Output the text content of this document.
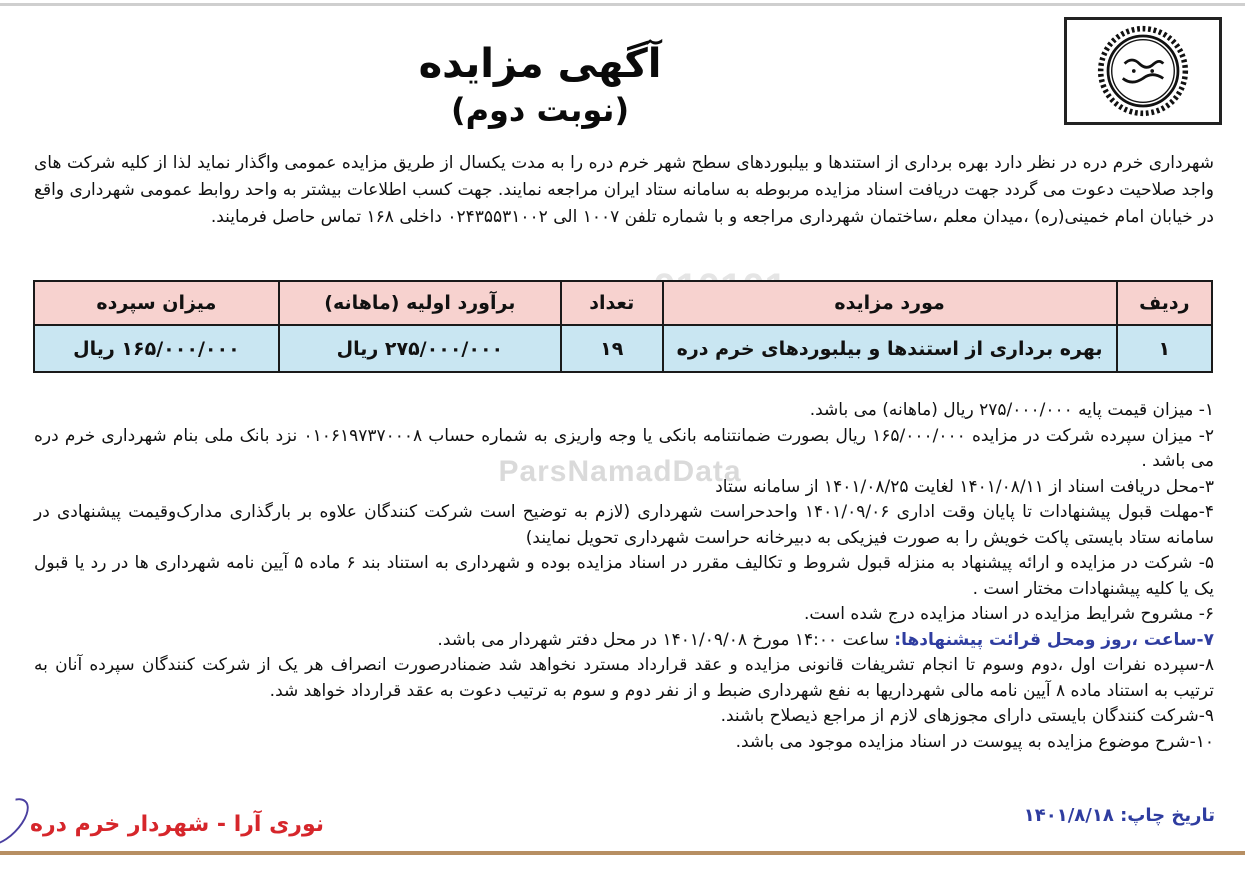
ParsNamadData
آگهی مزایده
(نوبت دوم)
شهرداری خرم دره در نظر دارد بهره برداری از استندها و بیلبوردهای سطح شهر خرم دره را به مدت یکسال از طریق مزایده عمومی واگذار نماید لذا از کلیه شرکت های واجد صلاحیت دعوت می گردد جهت دریافت اسناد مزایده مربوطه به سامانه ستاد ایران مراجعه نمایند. جهت کسب اطلاعات بیشتر به واحد روابط عمومی شهرداری واقع در خیابان امام خمینی(ره) ،میدان معلم ،ساختمان شهرداری مراجعه و با شماره تلفن ۱۰۰۷ الی ۰۲۴۳۵۵۳۱۰۰۲ داخلی ۱۶۸ تماس حاصل فرمایند.
ردیف	مورد مزایده	تعداد	برآورد اولیه (ماهانه)	میزان سپرده
۱	بهره برداری از استندها و بیلبوردهای خرم دره	۱۹	۲۷۵/۰۰۰/۰۰۰ ریال	۱۶۵/۰۰۰/۰۰۰ ریال

۱- میزان قیمت پایه ۲۷۵/۰۰۰/۰۰۰ ریال (ماهانه) می باشد.

۲- میزان سپرده شرکت در مزایده ۱۶۵/۰۰۰/۰۰۰ ریال بصورت ضمانتنامه بانکی یا وجه واریزی به شماره حساب ۰۱۰۶۱۹۷۳۷۰۰۰۸ نزد بانک ملی بنام شهرداری خرم دره می باشد .

۳-محل دریافت اسناد از ۱۴۰۱/۰۸/۱۱ لغایت ۱۴۰۱/۰۸/۲۵ از سامانه ستاد

۴-مهلت قبول پیشنهادات تا پایان وقت اداری ۱۴۰۱/۰۹/۰۶ واحدحراست شهرداری (لازم به توضیح است شرکت کنندگان علاوه بر بارگذاری مدارک‌وقیمت پیشنهادی در سامانه ستاد بایستی پاکت خویش را به صورت فیزیکی به دبیرخانه حراست شهرداری تحویل نمایند)

۵- شرکت در مزایده و ارائه پیشنهاد به منزله قبول شروط و تکالیف مقرر در اسناد مزایده بوده و شهرداری به استناد بند ۶ ماده ۵ آیین نامه شهرداری ها در رد یا قبول یک یا کلیه پیشنهادات مختار است .

۶- مشروح شرایط مزایده در اسناد مزایده درج شده است.

۷-ساعت ،روز ومحل قرائت پیشنهادها: ساعت ۱۴:۰۰ مورخ ۱۴۰۱/۰۹/۰۸ در محل دفتر شهردار می باشد.

۸-سپرده نفرات اول ،دوم وسوم تا انجام تشریفات قانونی مزایده و عقد قرارداد مسترد نخواهد شد ضمنادرصورت انصراف هر یک از شرکت کنندگان سپرده آنان به ترتیب به استناد ماده ۸ آیین نامه مالی شهرداریها به نفع شهرداری ضبط و از نفر دوم و سوم به ترتیب دعوت به عقد قرارداد خواهد شد.

۹-شرکت کنندگان بایستی دارای مجوزهای لازم از مراجع ذیصلاح باشند.

۱۰-شرح موضوع مزایده به پیوست در اسناد مزایده موجود می باشد.

تاریخ چاپ: ۱۴۰۱/۸/۱۸
نوری آرا - شهردار خرم دره
